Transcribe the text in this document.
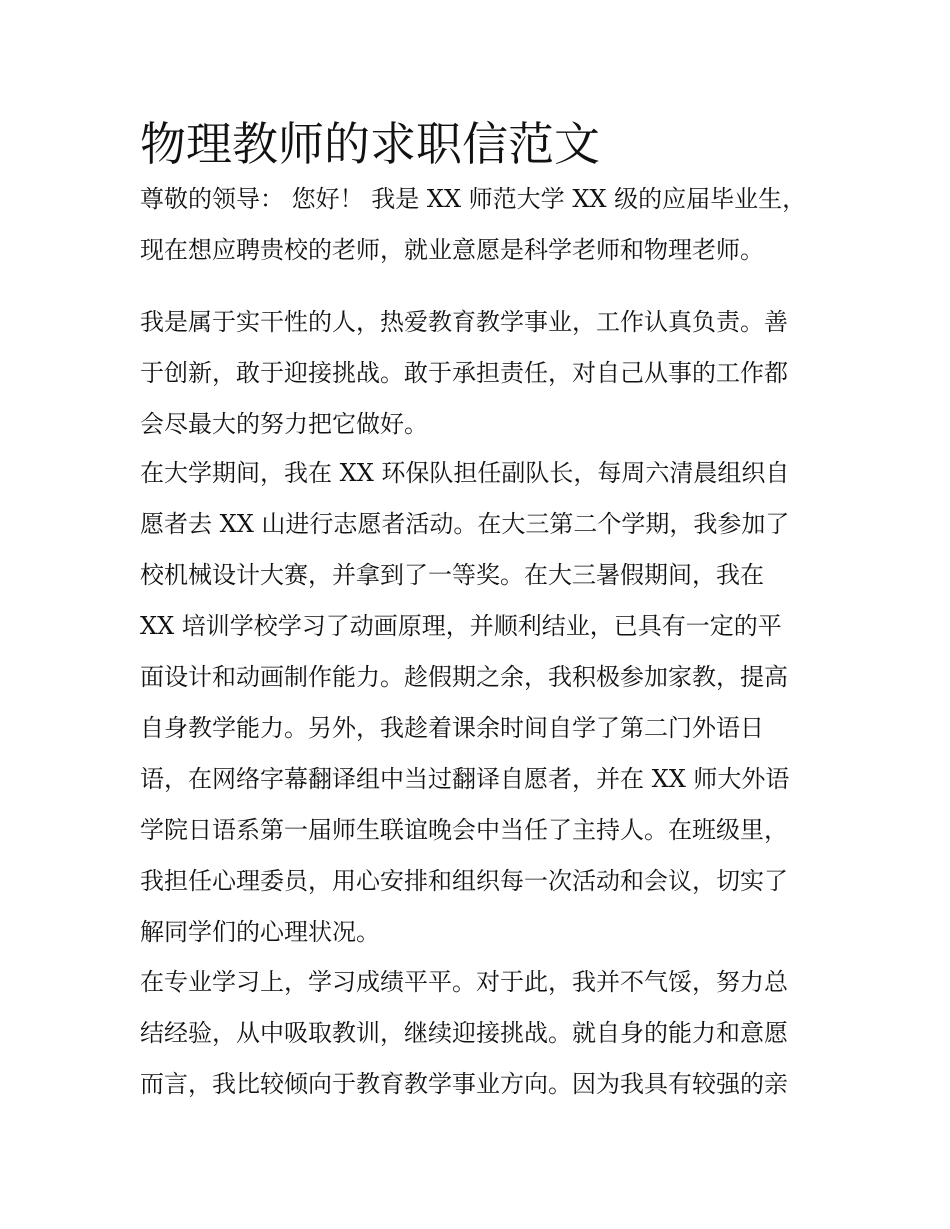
物理教师的求职信范文

尊敬的领导： 您好！ 我是 XX 师范大学 XX 级的应届毕业生，

现在想应聘贵校的老师，就业意愿是科学老师和物理老师。

我是属于实干性的人，热爱教育教学事业，工作认真负责。善

于创新，敢于迎接挑战。敢于承担责任，对自己从事的工作都

会尽最大的努力把它做好。

在大学期间，我在 XX 环保队担任副队长，每周六清晨组织自

愿者去 XX 山进行志愿者活动。在大三第二个学期，我参加了

校机械设计大赛，并拿到了一等奖。在大三暑假期间，我在

XX 培训学校学习了动画原理，并顺利结业，已具有一定的平

面设计和动画制作能力。趁假期之余，我积极参加家教，提高

自身教学能力。另外，我趁着课余时间自学了第二门外语日

语，在网络字幕翻译组中当过翻译自愿者，并在 XX 师大外语

学院日语系第一届师生联谊晚会中当任了主持人。在班级里，

我担任心理委员，用心安排和组织每一次活动和会议，切实了

解同学们的心理状况。

在专业学习上，学习成绩平平。对于此，我并不气馁，努力总

结经验，从中吸取教训，继续迎接挑战。就自身的能力和意愿

而言，我比较倾向于教育教学事业方向。因为我具有较强的亲
